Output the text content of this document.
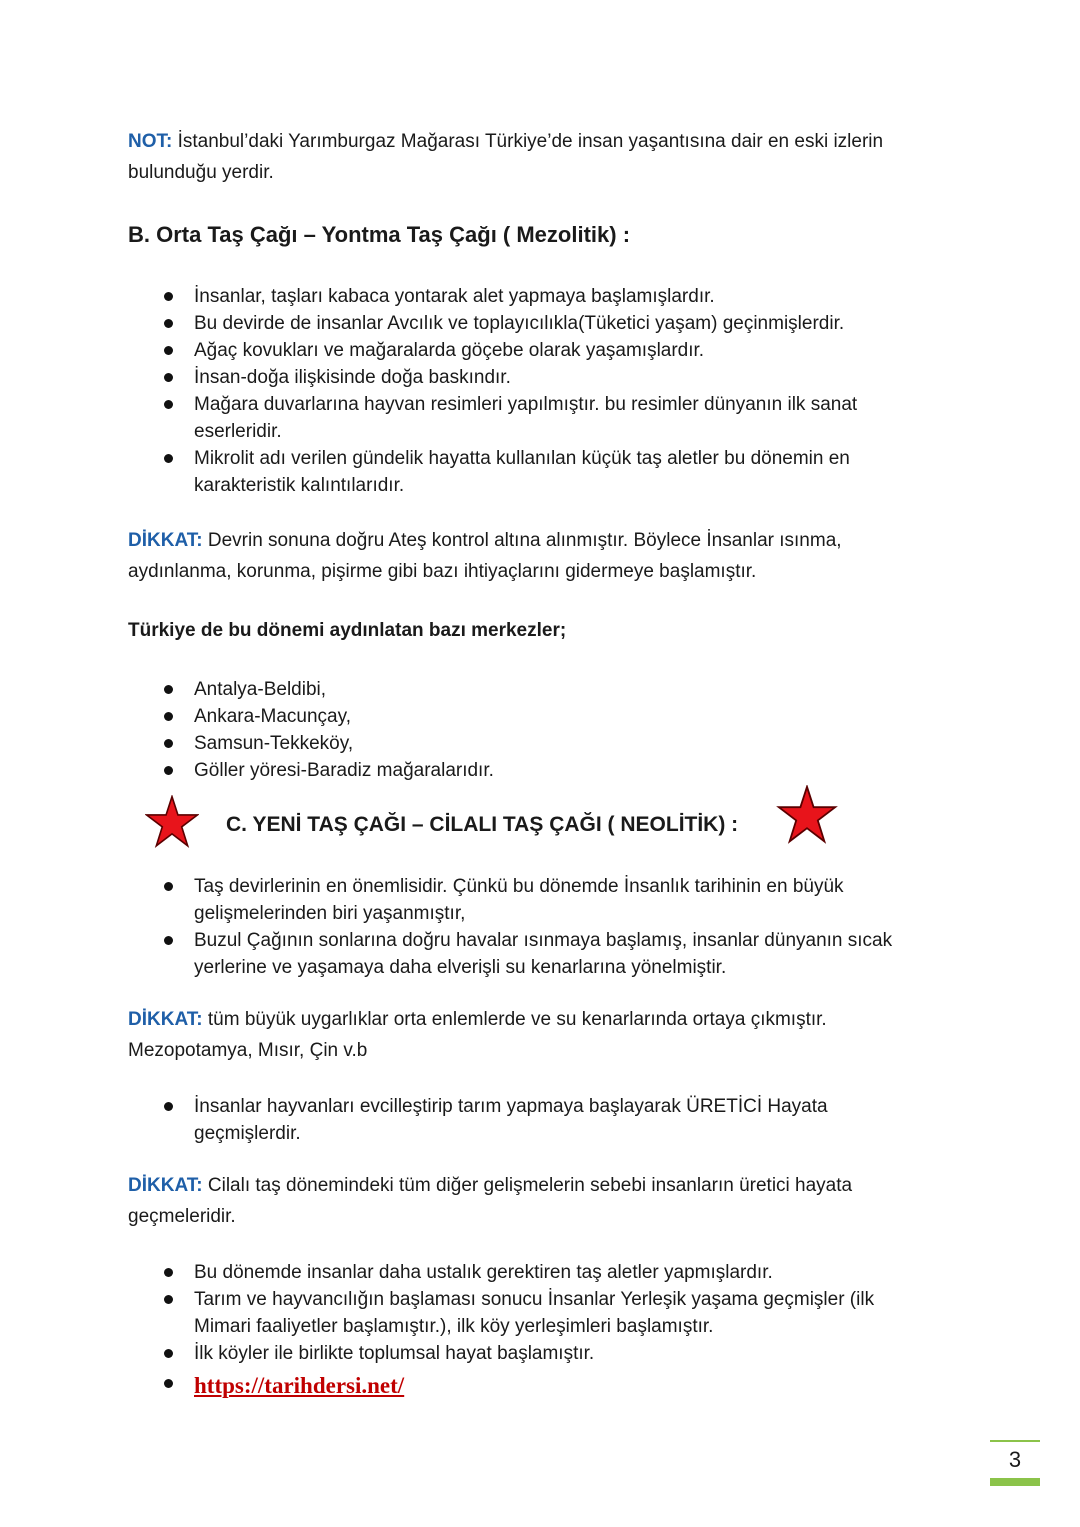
NOT: İstanbul’daki Yarımburgaz Mağarası Türkiye’de insan yaşantısına dair en eski izlerin bulunduğu yerdir.
B. Orta Taş Çağı – Yontma Taş Çağı ( Mezolitik) :
İnsanlar, taşları kabaca yontarak alet yapmaya başlamışlardır.
Bu devirde de insanlar Avcılık ve toplayıcılıkla(Tüketici yaşam) geçinmişlerdir.
Ağaç kovukları ve mağaralarda göçebe olarak yaşamışlardır.
İnsan-doğa ilişkisinde doğa baskındır.
Mağara duvarlarına hayvan resimleri yapılmıştır. bu resimler dünyanın ilk sanat eserleridir.
Mikrolit adı verilen gündelik hayatta kullanılan küçük taş aletler bu dönemin en karakteristik kalıntılarıdır.
DİKKAT: Devrin sonuna doğru Ateş kontrol altına alınmıştır. Böylece İnsanlar ısınma, aydınlanma, korunma, pişirme gibi bazı ihtiyaçlarını gidermeye başlamıştır.
Türkiye de bu dönemi aydınlatan bazı merkezler;
Antalya-Beldibi,
Ankara-Macunçay,
Samsun-Tekkeköy,
Göller yöresi-Baradiz mağaralarıdır.
C. YENİ TAŞ ÇAĞI – CİLALI TAŞ ÇAĞI ( NEOLİTİK) :
Taş devirlerinin en önemlisidir. Çünkü bu dönemde İnsanlık tarihinin en büyük gelişmelerinden biri yaşanmıştır,
Buzul Çağının sonlarına doğru havalar ısınmaya başlamış, insanlar dünyanın sıcak yerlerine ve yaşamaya daha elverişli su kenarlarına yönelmiştir.
DİKKAT: tüm büyük uygarlıklar orta enlemlerde ve su kenarlarında ortaya çıkmıştır. Mezopotamya, Mısır, Çin v.b
İnsanlar hayvanları evcilleştirip tarım yapmaya başlayarak ÜRETİCİ Hayata geçmişlerdir.
DİKKAT: Cilalı taş dönemindeki tüm diğer gelişmelerin sebebi insanların üretici hayata geçmeleridir.
Bu dönemde insanlar daha ustalık gerektiren taş aletler yapmışlardır.
Tarım ve hayvancılığın başlaması sonucu İnsanlar Yerleşik yaşama geçmişler (ilk Mimari faaliyetler başlamıştır.), ilk köy yerleşimleri başlamıştır.
İlk köyler ile birlikte toplumsal hayat başlamıştır.
https://tarihdersi.net/
3
